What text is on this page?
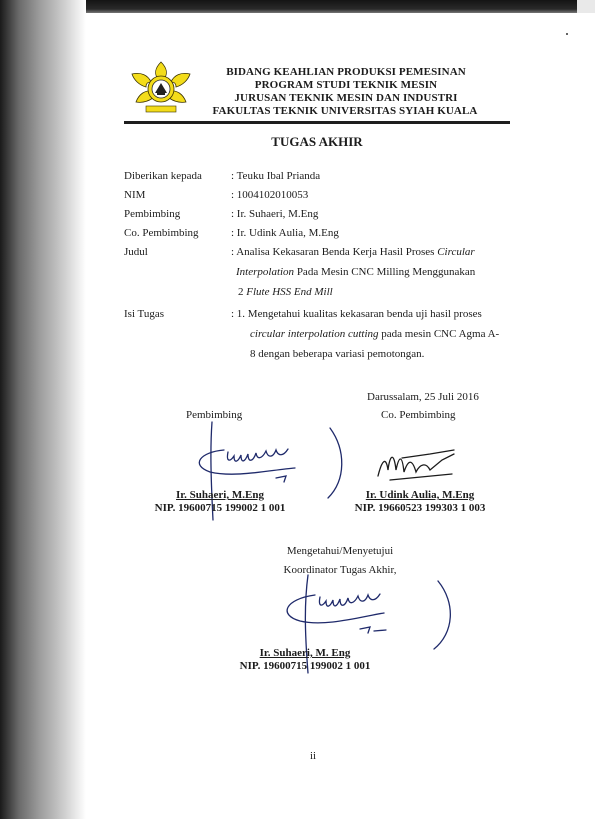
BIDANG KEAHLIAN PRODUKSI PEMESINAN
PROGRAM STUDI TEKNIK MESIN
JURUSAN TEKNIK MESIN DAN INDUSTRI
FAKULTAS TEKNIK UNIVERSITAS SYIAH KUALA
TUGAS AKHIR
Diberikan kepada	: Teuku Ibal Prianda
NIM	: 1004102010053
Pembimbing	: Ir. Suhaeri, M.Eng
Co. Pembimbing	: Ir. Udink Aulia, M.Eng
Judul	: Analisa Kekasaran Benda Kerja Hasil Proses Circular
Interpolation Pada Mesin CNC Milling Menggunakan
2 Flute HSS End Mill
Isi Tugas	: 1. Mengetahui kualitas kekasaran benda uji hasil proses
circular interpolation cutting pada mesin CNC Agma A-
8 dengan beberapa variasi pemotongan.
Darussalam, 25 Juli 2016
Pembimbing	Co. Pembimbing
Ir. Suhaeri, M.Eng
NIP. 19600715 199002 1 001
Ir. Udink Aulia, M.Eng
NIP. 19660523 199303 1 003
Mengetahui/Menyetujui
Koordinator Tugas Akhir,
Ir. Suhaeri, M. Eng
NIP. 19600715 199002 1 001
ii
